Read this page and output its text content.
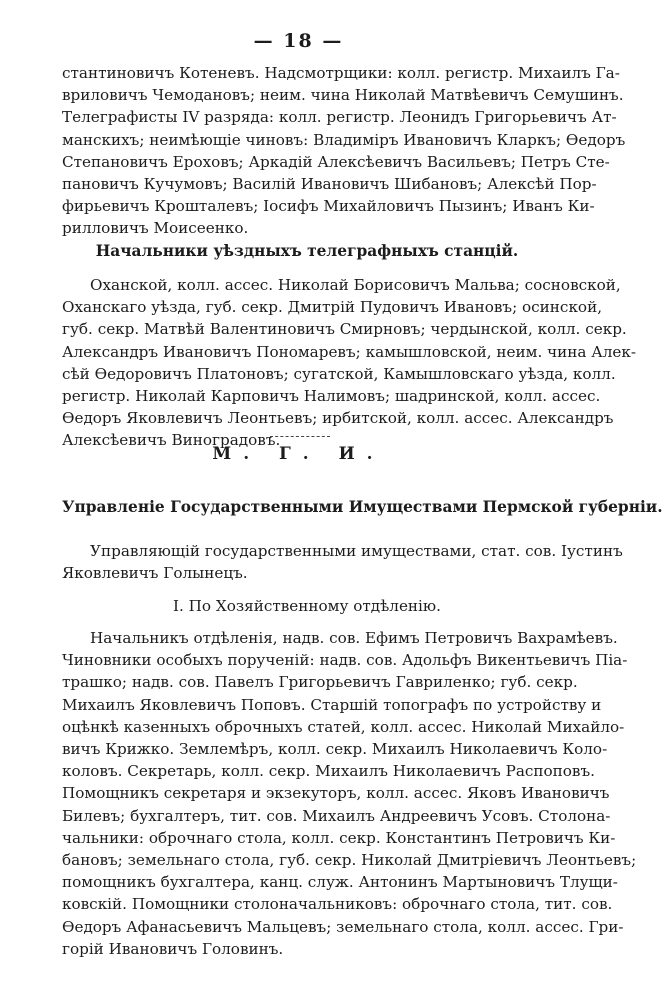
— 18 —
стантиновичъ Котеневъ. Надсмотрщики: колл. регистр. Михаилъ Га-
вриловичъ Чемодановъ; неим. чина Николай Матвѣевичъ Семушинъ.
Телеграфисты IV разряда: колл. регистр. Леонидъ Григорьевичъ Ат-
манскихъ; неимѣющіе чиновъ: Владиміръ Ивановичъ Кларкъ; Ѳедоръ
Степановичъ Ероховъ; Аркадій Алексѣевичъ Васильевъ; Петръ Сте-
пановичъ Кучумовъ; Василій Ивановичъ Шибановъ; Алексѣй Пор-
фирьевичъ Крошталевъ; Іосифъ Михайловичъ Пызинъ; Иванъ Ки-
рилловичъ Моисеенко.
Начальники уѣздныхъ телеграфныхъ станцій.
Оханской, колл. ассес. Николай Борисовичъ Мальва; сосновской,
Оханскаго уѣзда, губ. секр. Дмитрій Пудовичъ Ивановъ; осинской,
губ. секр. Матвѣй Валентиновичъ Смирновъ; чердынской, колл. секр.
Александръ Ивановичъ Пономаревъ; камышловской, неим. чина Алек-
сѣй Ѳедоровичъ Платоновъ; сугатской, Камышловскаго уѣзда, колл.
регистр. Николай Карповичъ Налимовъ; шадринской, колл. ассес.
Ѳедоръ Яковлевичъ Леонтьевъ; ирбитской, колл. ассес. Александръ
Алексѣевичъ Виноградовъ.
М. Г. И.
Управленіе Государственными Имуществами Пермской губерніи.
Управляющій государственными имуществами, стат. сов. Іустинъ
Яковлевичъ Голынецъ.
I. По Хозяйственному отдѣленію.
Начальникъ отдѣленія, надв. сов. Ефимъ Петровичъ Вахрамѣевъ.
Чиновники особыхъ порученій: надв. сов. Адольфъ Викентьевичъ Піа-
трашко; надв. сов. Павелъ Григорьевичъ Гавриленко; губ. секр.
Михаилъ Яковлевичъ Поповъ. Старшій топографъ по устройству и
оцѣнкѣ казенныхъ оброчныхъ статей, колл. ассес. Николай Михайло-
вичъ Крижко. Землемѣръ, колл. секр. Михаилъ Николаевичъ Коло-
коловъ. Секретарь, колл. секр. Михаилъ Николаевичъ Распоповъ.
Помощникъ секретаря и экзекуторъ, колл. ассес. Яковъ Ивановичъ
Билевъ; бухгалтеръ, тит. сов. Михаилъ Андреевичъ Усовъ. Столона-
чальники: оброчнаго стола, колл. секр. Константинъ Петровичъ Ки-
бановъ; земельнаго стола, губ. секр. Николай Дмитріевичъ Леонтьевъ;
помощникъ бухгалтера, канц. служ. Антонинъ Мартыновичъ Тлущи-
ковскій. Помощники столоначальниковъ: оброчнаго стола, тит. сов.
Ѳедоръ Афанасьевичъ Мальцевъ; земельнаго стола, колл. ассес. Гри-
горій Ивановичъ Головинъ.
